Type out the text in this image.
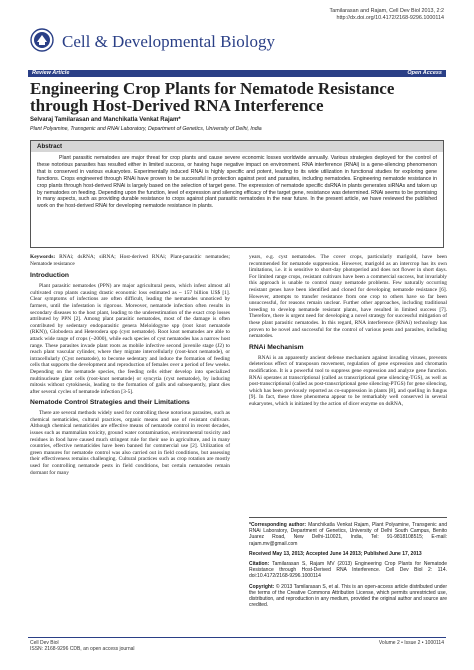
Cell & Developmental Biology
Tamilarasan and Rajam, Cell Dev Biol 2013, 2:2
http://dx.doi.org/10.4172/2168-9296.1000114
Review Article	Open Access
Engineering Crop Plants for Nematode Resistance through Host-Derived RNA Interference
Selvaraj Tamilarasan and Manchikatla Venkat Rajam*
Plant Polyamine, Transgenic and RNAi Laboratory, Department of Genetics, University of Delhi, India
Abstract

Plant parasitic nematodes are major threat for crop plants and cause severe economic losses worldwide annually. Various strategies deployed for the control of these notorious parasites has resulted either in limited success, or having huge negative impact on environment. RNA interference (RNAi) is a gene-silencing phenomenon that is conserved in various eukaryotes. Experimentally induced RNAi is highly specific and potent, leading to its wide utilization in functional studies for exploring gene functions. Crops engineered through RNAi have proven to be successful in protection against pest and parasites, including nematodes. Engineering nematode resistance in crop plants through host-derived RNAi is largely based on the selection of target gene. The expression of nematode specific dsRNA in plants generates siRNAs and taken up by nematodes on feeding. Depending upon the function, level of expression and silencing efficacy of the target gene, resistance was determined. RNAi seems to be promising in many aspects, such as providing durable resistance to crops against plant parasitic nematodes in the near future. In the present article, we have reviewed the published work on the host-derived RNAi for developing nematode resistance in plants.

Keywords: RNAi; dsRNA; siRNA; Host-derived RNAi; Plant-parasitic nematodes; Nematode resistance

Introduction

Plant parasitic nematodes (PPN) are major agricultural pests, which infest almost all cultivated crop plants causing drastic economic loss estimated as ~ 157 billion US$ [1]. Clear symptoms of infections are often difficult, leading the nematodes unnoticed by farmers, until the infestation is rigorous. Moreover, nematode infection often results in secondary diseases to the host plant, leading to the underestimation of the exact crop losses attributed by PPN [2]. Among plant parasitic nematodes, most of the damage is often contributed by sedentary endoparasitic genera Meloidogyne spp (root knot nematode (RKN)), Globodera and Heterodera spp (cyst nematode). Root knot nematodes are able to attack wide range of crops (~2000), while each species of cyst nematodes has a narrow host range. These parasites invade plant roots as mobile infective second juvenile stage (J2) to reach plant vascular cylinder, where they migrate intercellularly (root-knot nematode), or intracellularly (Cyst nematode), to become sedentary and induce the formation of feeding cells that supports the development and reproduction of females over a period of few weeks. Depending on the nematode species, the feeding cells either develop into specialized multinucleate giant cells (root-knot nematode) or syncytia (cyst nematode), by inducing mitosis without cytokinesis, leading to the formation of galls and subsequently, plant dies after several cycles of nematode infection [3-5].

Nematode Control Strategies and their Limitations

There are several methods widely used for controlling these notorious parasites, such as chemical nematicides, cultural practices, organic means and use of resistant cultivars. Although chemical nematicides are effective means of nematode control in recent decades, issues such as mammalian toxicity, ground water contamination, environmental toxicity and residues in food have caused much stringent rule for their use in agriculture, and in many countries, effective nematicides have been banned for commercial use [2]. Utilization of green manures for nematode control was also carried out in field conditions, but assessing their effectiveness remains challenging. Cultural practices such as crop rotation are mostly used for controlling nematode pests in field conditions, but certain nematodes remain dormant for many

years, e.g. cyst nematodes. The cover crops, particularly marigold, have been recommended for nematode suppression. However, marigold as an intercrop has its own limitations, i.e. it is sensitive to short-day photoperiod and does not flower in short days. For limited range crops, resistant cultivars have been a commercial success, but invariably this approach is unable to control many nematode problems. Few naturally occurring resistant genes have been identified and cloned for developing nematode resistance [6]. However, attempts to transfer resistance from one crop to others have so far been unsuccessful, for reasons remain unclear. Further other approaches, including traditional breeding to develop nematode resistant plants, have resulted in limited success [7]. Therefore, there is urgent need for developing a novel strategy for successful mitigation of these plant parasitic nematodes. In this regard, RNA interference (RNAi) technology has proven to be novel and successful for the control of various pests and parasites, including nematodes.

RNAi Mechanism

RNAi is an apparently ancient defense mechanism against invading viruses, prevents deleterious effect of transposon movement, regulation of gene expression and chromatin modification. It is a powerful tool to suppress gene expression and analyze gene function. RNAi operates at transcriptional (called as transcriptional gene silencing-TGS), as well as post-transcriptional (called as post-transcriptional gene silencing-PTGS) for gene silencing, which has been previously reported as co-suppression in plants [8], and quelling in fungus [9]. In fact, these three phenomena appear to be remarkably well conserved in several eukaryotes, which is initiated by the action of dicer enzyme on dsRNA,

*Corresponding author: Manchikatla Venkat Rajam, Plant Polyamine, Transgenic and RNAi Laboratory, Department of Genetics, University of Delhi South Campus, Benito Juarez Road, New Delhi-110021, India, Tel: 91-9818108515; E-mail: rajam.mv@gmail.com

Received May 13, 2013; Accepted June 14 2013; Published June 17, 2013

Citation: Tamilarasan S, Rajam MV (2013) Engineering Crop Plants for Nematode Resistance through Host-Derived RNA Interference. Cell Dev Biol 2: 114. doi:10.4172/2168-9296.1000114

Copyright: © 2013 Tamilarasan S, et al. This is an open-access article distributed under the terms of the Creative Commons Attribution License, which permits unrestricted use, distribution, and reproduction in any medium, provided the original author and source are credited.

Cell Dev Biol
ISSN: 2168-9296 CDB, an open access journal
Volume 2 • Issue 2 • 1000114
